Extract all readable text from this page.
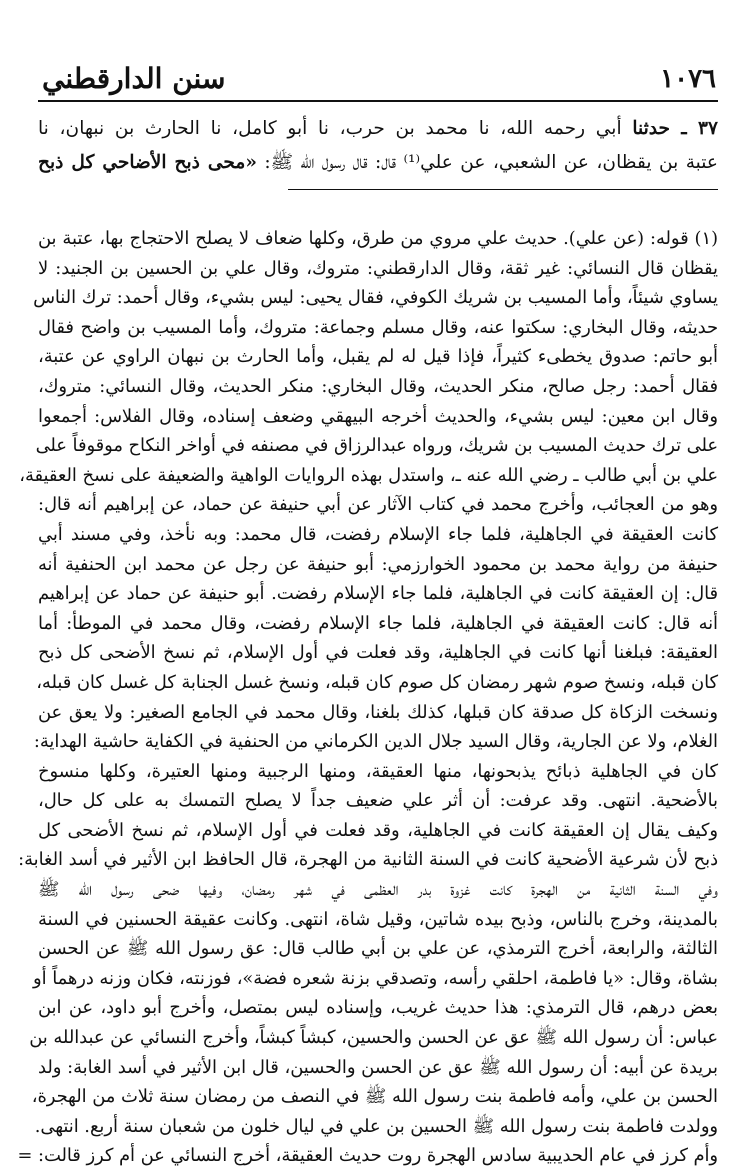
١٠٧٦
سنن الدارقطني
٣٧ ـ حدثنا أبي رحمه الله، نا محمد بن حرب، نا أبو كامل، نا الحارث بن نبهان، نا
عتبة بن يقظان، عن الشعبي، عن علي⁽¹⁾ قال: قال رسول الله ﷺ: «محى ذبح الأضاحي كل ذبح
(١) قوله: (عن علي). حديث علي مروي من طرق، وكلها ضعاف لا يصلح الاحتجاج بها، عتبة بن
يقظان قال النسائي: غير ثقة، وقال الدارقطني: متروك، وقال علي بن الحسين بن الجنيد: لا
يساوي شيئاً، وأما المسيب بن شريك الكوفي، فقال يحيى: ليس بشيء، وقال أحمد: ترك الناس
حديثه، وقال البخاري: سكتوا عنه، وقال مسلم وجماعة: متروك، وأما المسيب بن واضح فقال
أبو حاتم: صدوق يخطىء كثيراً، فإذا قيل له لم يقبل، وأما الحارث بن نبهان الراوي عن عتبة،
فقال أحمد: رجل صالح، منكر الحديث، وقال البخاري: منكر الحديث، وقال النسائي: متروك،
وقال ابن معين: ليس بشيء، والحديث أخرجه البيهقي وضعف إسناده، وقال الفلاس: أجمعوا
على ترك حديث المسيب بن شريك، ورواه عبدالرزاق في مصنفه في أواخر النكاح موقوفاً على
علي بن أبي طالب ـ رضي الله عنه ـ، واستدل بهذه الروايات الواهية والضعيفة على نسخ العقيقة،
وهو من العجائب، وأخرج محمد في كتاب الآثار عن أبي حنيفة عن حماد، عن إبراهيم أنه قال:
كانت العقيقة في الجاهلية، فلما جاء الإسلام رفضت، قال محمد: وبه نأخذ، وفي مسند أبي
حنيفة من رواية محمد بن محمود الخوارزمي: أبو حنيفة عن رجل عن محمد ابن الحنفية أنه
قال: إن العقيقة كانت في الجاهلية، فلما جاء الإسلام رفضت. أبو حنيفة عن حماد عن إبراهيم
أنه قال: كانت العقيقة في الجاهلية، فلما جاء الإسلام رفضت، وقال محمد في الموطأ: أما
العقيقة: فبلغنا أنها كانت في الجاهلية، وقد فعلت في أول الإسلام، ثم نسخ الأضحى كل ذبح
كان قبله، ونسخ صوم شهر رمضان كل صوم كان قبله، ونسخ غسل الجنابة كل غسل كان قبله،
ونسخت الزكاة كل صدقة كان قبلها، كذلك بلغنا، وقال محمد في الجامع الصغير: ولا يعق عن
الغلام، ولا عن الجارية، وقال السيد جلال الدين الكرماني من الحنفية في الكفاية حاشية الهداية:
كان في الجاهلية ذبائح يذبحونها، منها العقيقة، ومنها الرجبية ومنها العتيرة، وكلها منسوخ
بالأضحية. انتهى. وقد عرفت: أن أثر علي ضعيف جداً لا يصلح التمسك به على كل حال،
وكيف يقال إن العقيقة كانت في الجاهلية، وقد فعلت في أول الإسلام، ثم نسخ الأضحى كل
ذبح لأن شرعية الأضحية كانت في السنة الثانية من الهجرة، قال الحافظ ابن الأثير في أسد الغابة:
وفي السنة الثانية من الهجرة كانت غزوة بدر العظمى في شهر رمضان، وفيها ضحى رسول الله ﷺ
بالمدينة، وخرج بالناس، وذبح بيده شاتين، وقيل شاة، انتهى. وكانت عقيقة الحسنين في السنة
الثالثة، والرابعة، أخرج الترمذي، عن علي بن أبي طالب قال: عق رسول الله ﷺ عن الحسن
بشاة، وقال: «يا فاطمة، احلقي رأسه، وتصدقي بزنة شعره فضة»، فوزنته، فكان وزنه درهماً أو
بعض درهم، قال الترمذي: هذا حديث غريب، وإسناده ليس بمتصل، وأخرج أبو داود، عن ابن
عباس: أن رسول الله ﷺ عق عن الحسن والحسين، كبشاً كبشاً، وأخرج النسائي عن عبدالله بن
بريدة عن أبيه: أن رسول الله ﷺ عق عن الحسن والحسين، قال ابن الأثير في أسد الغابة: ولد
الحسن بن علي، وأمه فاطمة بنت رسول الله ﷺ في النصف من رمضان سنة ثلاث من الهجرة،
وولدت فاطمة بنت رسول الله ﷺ الحسين بن علي في ليال خلون من شعبان سنة أربع. انتهى.
وأم كرز في عام الحديبية سادس الهجرة روت حديث العقيقة، أخرج النسائي عن أم كرز قالت: =
